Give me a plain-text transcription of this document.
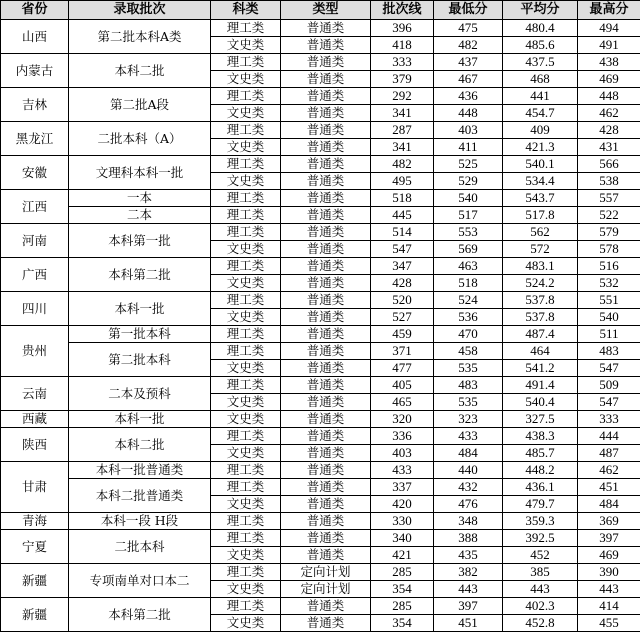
省份	录取批次	科类	类型	批次线	最低分	平均分	最高分
山西	第二批本科A类	理工类	普通类	396	475	480.4	494
		文史类	普通类	418	482	485.6	491
内蒙古	本科二批	理工类	普通类	333	437	437.5	438
		文史类	普通类	379	467	468	469
吉林	第二批A段	理工类	普通类	292	436	441	448
		文史类	普通类	341	448	454.7	462
黑龙江	二批本科（A）	理工类	普通类	287	403	409	428
		文史类	普通类	341	411	421.3	431
安徽	文理科本科一批	理工类	普通类	482	525	540.1	566
		文史类	普通类	495	529	534.4	538
江西	一本	理工类	普通类	518	540	543.7	557
	二本	理工类	普通类	445	517	517.8	522
河南	本科第一批	理工类	普通类	514	553	562	579
		文史类	普通类	547	569	572	578
广西	本科第二批	理工类	普通类	347	463	483.1	516
		文史类	普通类	428	518	524.2	532
四川	本科一批	理工类	普通类	520	524	537.8	551
		文史类	普通类	527	536	537.8	540
贵州	第一批本科	理工类	普通类	459	470	487.4	511
	第二批本科	理工类	普通类	371	458	464	483
		文史类	普通类	477	535	541.2	547
云南	二本及预科	理工类	普通类	405	483	491.4	509
		文史类	普通类	465	535	540.4	547
西藏	本科一批	文史类	普通类	320	323	327.5	333
陕西	本科二批	理工类	普通类	336	433	438.3	444
		文史类	普通类	403	484	485.7	487
甘肃	本科一批普通类	理工类	普通类	433	440	448.2	462
	本科二批普通类	理工类	普通类	337	432	436.1	451
		文史类	普通类	420	476	479.7	484
青海	本科一段 H段	理工类	普通类	330	348	359.3	369
宁夏	二批本科	理工类	普通类	340	388	392.5	397
		文史类	普通类	421	435	452	469
新疆	专项南单对口本二	理工类	定向计划	285	382	385	390
		文史类	定向计划	354	443	443	443
新疆	本科第二批	理工类	普通类	285	397	402.3	414
		文史类	普通类	354	451	452.8	455
